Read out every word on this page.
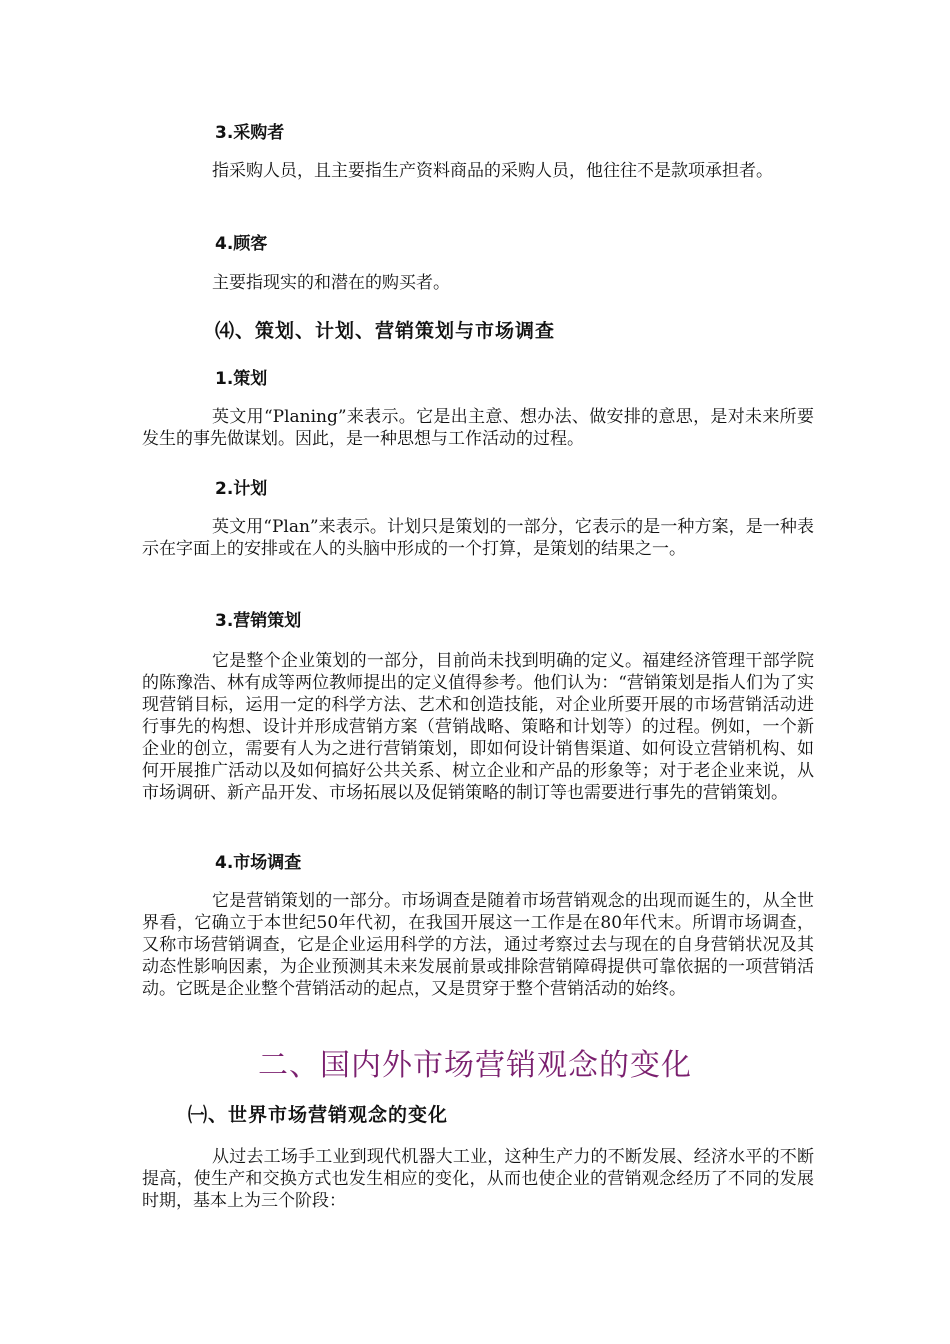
3.采购者
指采购人员，且主要指生产资料商品的采购人员，他往往不是款项承担者。
4.顾客
主要指现实的和潜在的购买者。
⑷、策划、计划、营销策划与市场调查
1.策划
英文用“Planing”来表示。它是出主意、想办法、做安排的意思，是对未来所要发生的事先做谋划。因此，是一种思想与工作活动的过程。
2.计划
英文用“Plan”来表示。计划只是策划的一部分，它表示的是一种方案，是一种表示在字面上的安排或在人的头脑中形成的一个打算，是策划的结果之一。
3.营销策划
它是整个企业策划的一部分，目前尚未找到明确的定义。福建经济管理干部学院的陈豫浩、林有成等两位教师提出的定义值得参考。他们认为：“营销策划是指人们为了实现营销目标，运用一定的科学方法、艺术和创造技能，对企业所要开展的市场营销活动进行事先的构想、设计并形成营销方案（营销战略、策略和计划等）的过程。例如，一个新企业的创立，需要有人为之进行营销策划，即如何设计销售渠道、如何设立营销机构、如何开展推广活动以及如何搞好公共关系、树立企业和产品的形象等；对于老企业来说，从市场调研、新产品开发、市场拓展以及促销策略的制订等也需要进行事先的营销策划。
4.市场调查
它是营销策划的一部分。市场调查是随着市场营销观念的出现而诞生的，从全世界看，它确立于本世纪50年代初，在我国开展这一工作是在80年代末。所谓市场调查，又称市场营销调查，它是企业运用科学的方法，通过考察过去与现在的自身营销状况及其动态性影响因素，为企业预测其未来发展前景或排除营销障碍提供可靠依据的一项营销活动。它既是企业整个营销活动的起点，又是贯穿于整个营销活动的始终。
二、国内外市场营销观念的变化
㈠、世界市场营销观念的变化
从过去工场手工业到现代机器大工业，这种生产力的不断发展、经济水平的不断提高，使生产和交换方式也发生相应的变化，从而也使企业的营销观念经历了不同的发展时期，基本上为三个阶段：
